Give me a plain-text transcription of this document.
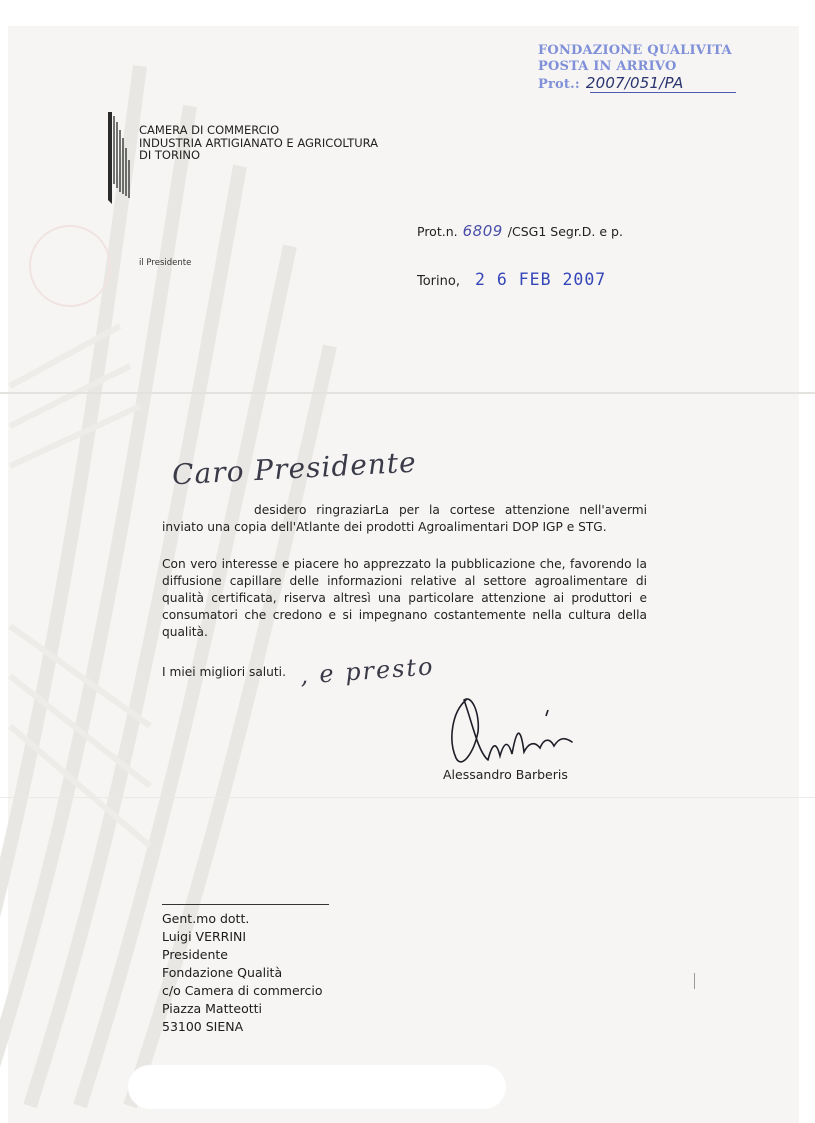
FONDAZIONE QUALIVITA
POSTA IN ARRIVO
Prot.: 2007/051/PA
CAMERA DI COMMERCIO
INDUSTRIA ARTIGIANATO E AGRICOLTURA
DI TORINO
il Presidente
Prot.n. 6809 /CSG1 Segr.D. e p.
Torino, 2 6 FEB 2007
Caro Presidente
desidero ringraziarLa per la cortese attenzione nell'avermi inviato una copia dell'Atlante dei prodotti Agroalimentari DOP IGP e STG.
Con vero interesse e piacere ho apprezzato la pubblicazione che, favorendo la diffusione capillare delle informazioni relative al settore agroalimentare di qualità certificata, riserva altresì una particolare attenzione ai produttori e consumatori che credono e si impegnano costantemente nella cultura della qualità.
I miei migliori saluti. , e presto
Alessandro Barberis
Gent.mo dott.
Luigi VERRINI
Presidente
Fondazione Qualità
c/o Camera di commercio
Piazza Matteotti
53100 SIENA
